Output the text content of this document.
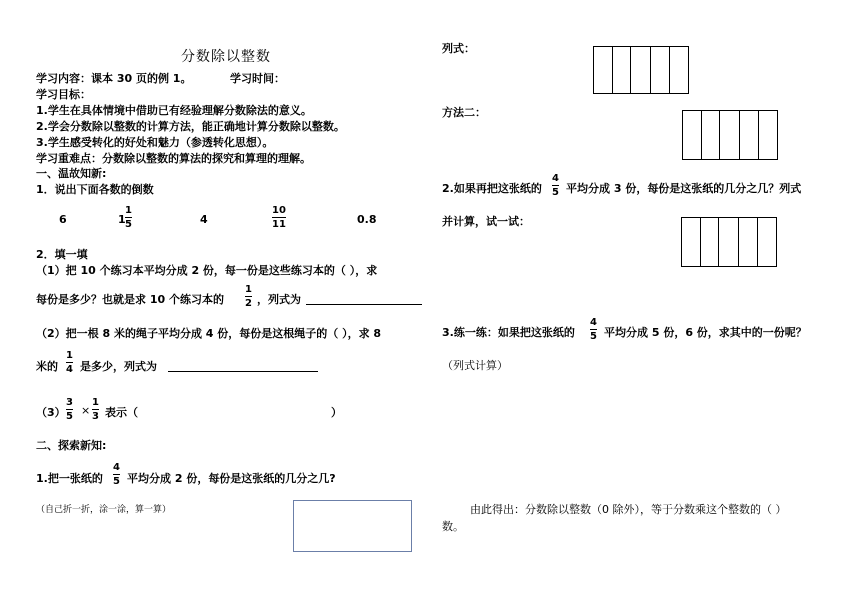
分数除以整数
学习内容：课本 30 页的例 1。	学习时间：
学习目标：
1.学生在具体情境中借助已有经验理解分数除法的意义。
2.学会分数除以整数的计算方法，能正确地计算分数除以整数。
3.学生感受转化的好处和魅力（参透转化思想）。
学习重难点：分数除以整数的算法的探究和算理的理解。
一、温故知新:
1．说出下面各数的倒数
6	1
1
5	4
10
11	0.8
2．填一填
（1）把 10 个练习本平均分成 2 份，每一份是这些练习本的（ ），求
每份是多少？也就是求 10 个练习本的
1
2 ，列式为
（2）把一根 8 米的绳子平均分成 4 份，每份是这根绳子的（ ），求 8
米的
1
4 是多少，列式为
（3）
3
5 ×
1
3 表示（	）
二、探索新知:
1.把一张纸的
4
5 平均分成 2 份，每份是这张纸的几分之几?
（自己折一折，涂一涂，算一算）
列式：
方法二：
2.如果再把这张纸的
4
5 平均分成 3 份，每份是这张纸的几分之几？列式
并计算，试一试：
3.练一练：如果把这张纸的
4
5 平均分成 5 份，6 份，求其中的一份呢？
（列式计算）
由此得出：分数除以整数（0 除外），等于分数乘这个整数的（ ）
数。
